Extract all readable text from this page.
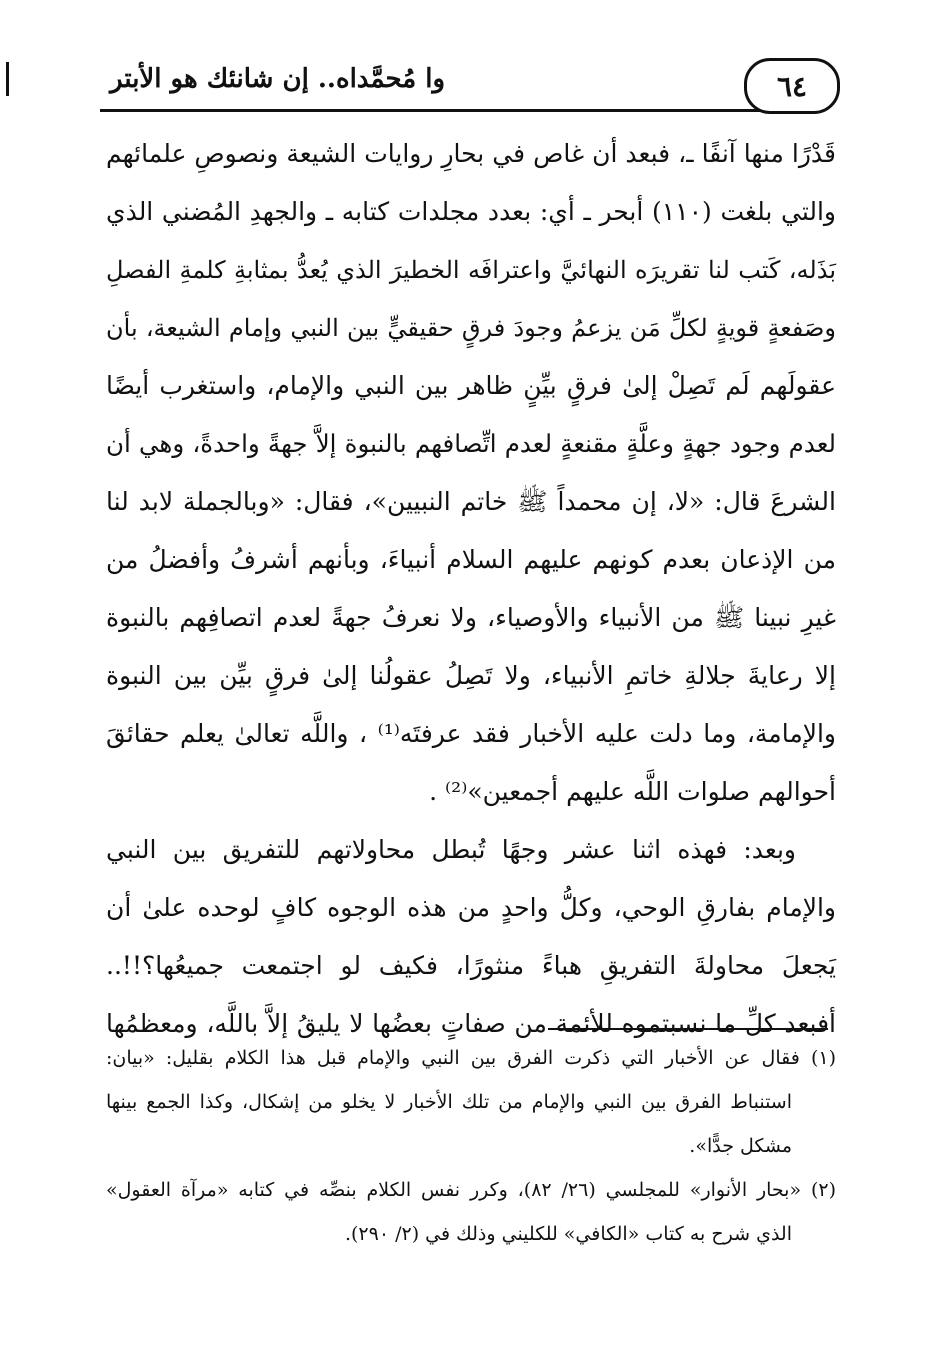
وا مُحمَّداه.. إن شانئك هو الأبتر	٦٤
قَدْرًا منها آنفًا ـ، فبعد أن غاص في بحارِ روايات الشيعة ونصوصِ علمائهم
والتي بلغت (١١٠) أبحر ـ أي: بعدد مجلدات كتابه ـ والجهدِ المُضني الذي
بَذَله، كَتب لنا تقريرَه النهائيَّ واعترافَه الخطيرَ الذي يُعدُّ بمثابةِ كلمةِ الفصلِ
وصَفعةٍ قويةٍ لكلِّ مَن يزعمُ وجودَ فرقٍ حقيقيٍّ بين النبي وإمام الشيعة، بأن
عقولَهم لَم تَصِلْ إلىٰ فرقٍ بيِّنٍ ظاهر بين النبي والإمام، واستغرب أيضًا
لعدم وجود جهةٍ وعلَّةٍ مقنعةٍ لعدم اتِّصافهم بالنبوة إلاَّ جهةً واحدةً، وهي أن
الشرعَ قال: «لا، إن محمداً ﷺ خاتم النبيين»، فقال: «وبالجملة لابد لنا
من الإذعان بعدم كونهم عليهم السلام أنبياءَ، وبأنهم أشرفُ وأفضلُ من
غيرِ نبينا ﷺ من الأنبياء والأوصياء، ولا نعرفُ جهةً لعدم اتصافِهم بالنبوة
إلا رعايةَ جلالةِ خاتمِ الأنبياء، ولا تَصِلُ عقولُنا إلىٰ فرقٍ بيِّن بين النبوة
والإمامة، وما دلت عليه الأخبار فقد عرفتَه⁽¹⁾ ، واللَّه تعالىٰ يعلم حقائقَ
أحوالهم صلوات اللَّه عليهم أجمعين»⁽²⁾ .
وبعد: فهذه اثنا عشر وجهًا تُبطل محاولاتهم للتفريق بين النبي
والإمام بفارقِ الوحي، وكلُّ واحدٍ من هذه الوجوه كافٍ لوحده علىٰ أن
يَجعلَ محاولةَ التفريقِ هباءً منثورًا، فكيف لو اجتمعت جميعُها؟!!..
أفبعد كلِّ ما نسبتموه للأئمة من صفاتٍ بعضُها لا يليقُ إلاَّ باللَّه، ومعظمُها
(١) فقال عن الأخبار التي ذكرت الفرق بين النبي والإمام قبل هذا الكلام بقليل: «بيان:
استنباط الفرق بين النبي والإمام من تلك الأخبار لا يخلو من إشكال، وكذا الجمع بينها
مشكل جدًّا».
(٢) «بحار الأنوار» للمجلسي (٢٦/ ٨٢)، وكرر نفس الكلام بنصِّه في كتابه «مرآة العقول»
الذي شرح به كتاب «الكافي» للكليني وذلك في (٢/ ٢٩٠).
